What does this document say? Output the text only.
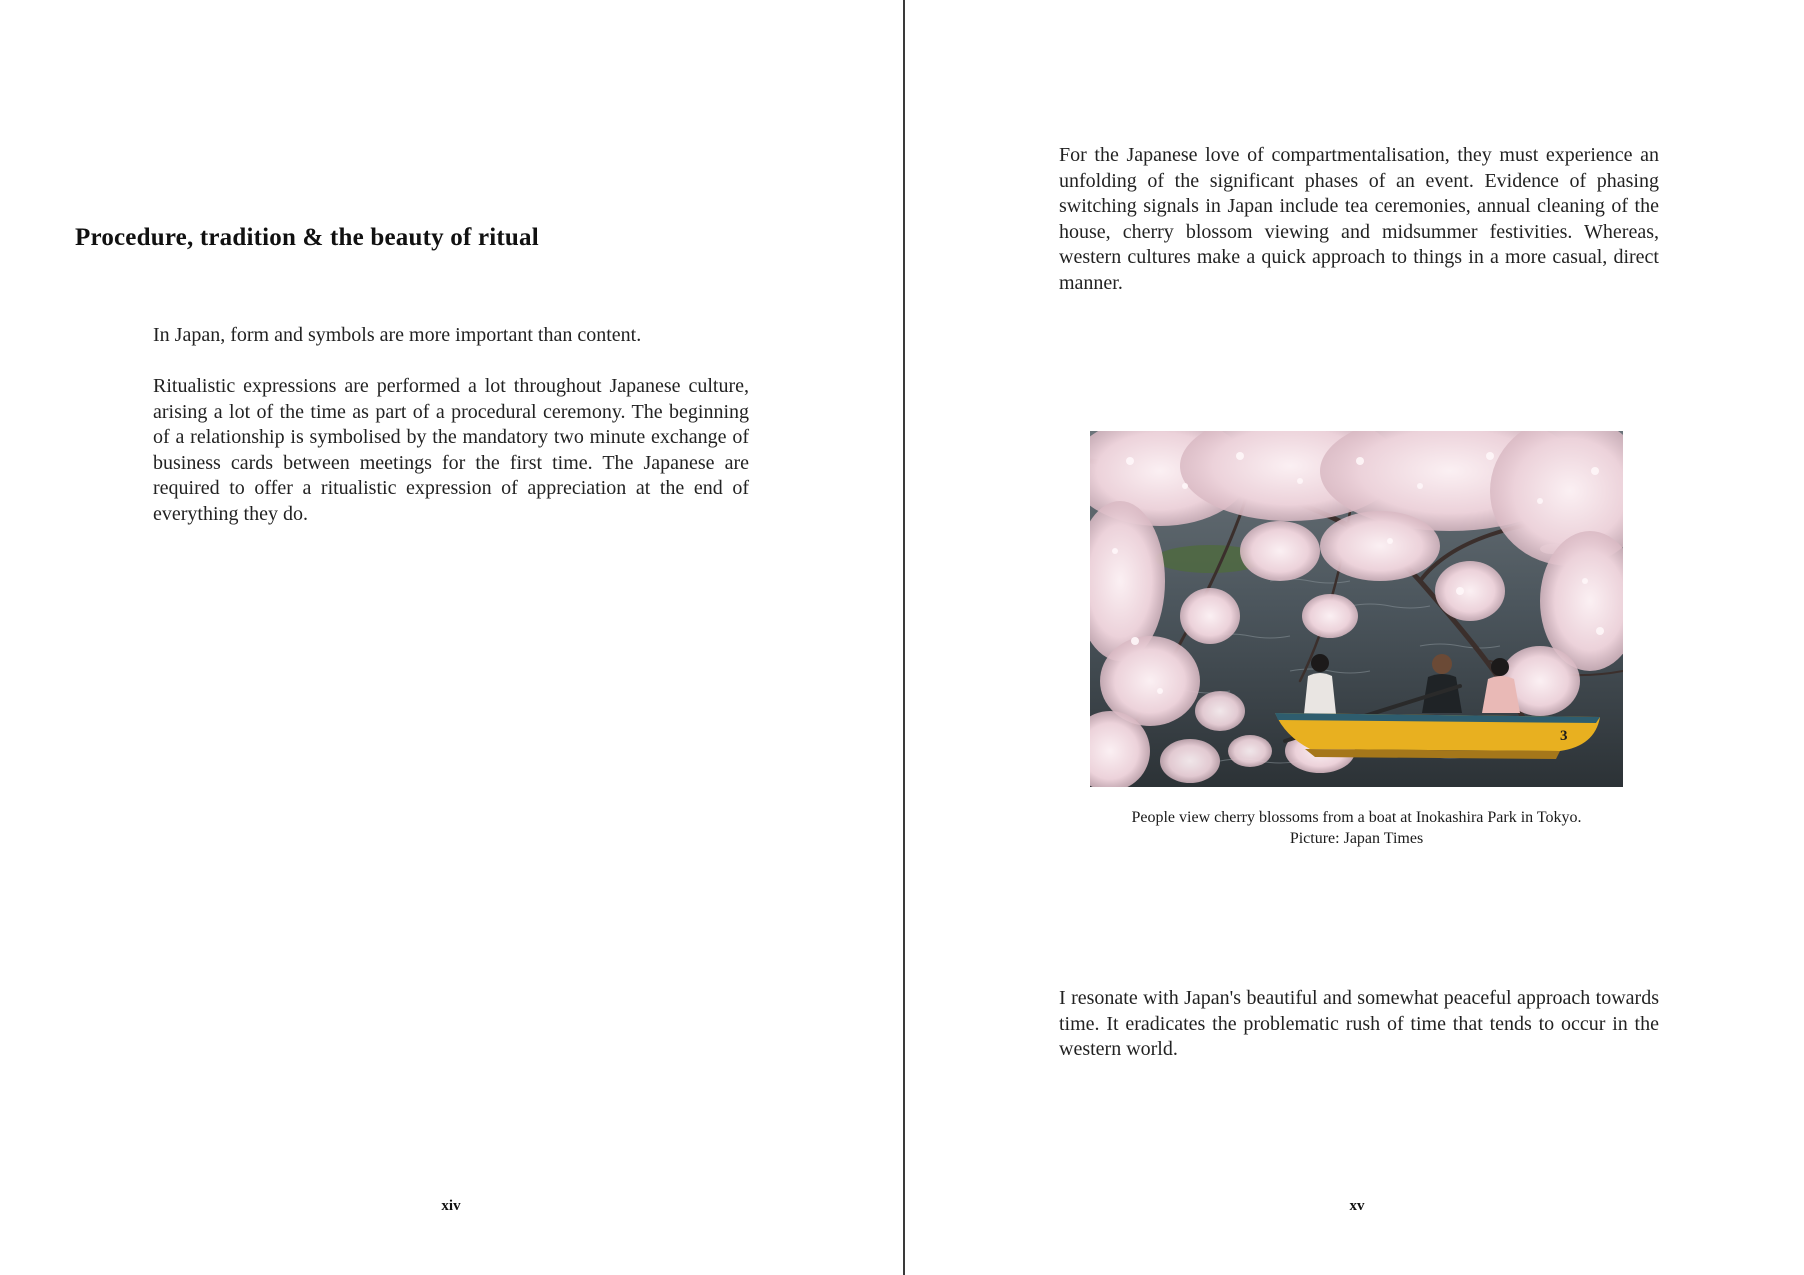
Procedure, tradition & the beauty of ritual

In Japan, form and symbols are more important than content.

Ritualistic expressions are performed a lot throughout Japanese culture, arising a lot of the time as part of a procedural ceremony. The beginning of a relationship is symbolised by the mandatory two minute exchange of business cards between meetings for the first time. The Japanese are required to offer a ritualistic expression of appreciation at the end of everything they do.

xiv

For the Japanese love of compartmentalisation, they must experience an unfolding of the significant phases of an event. Evidence of phasing switching signals in Japan include tea ceremonies, annual cleaning of the house, cherry blossom viewing and midsummer festivities. Whereas, western cultures make a quick approach to things in a more casual, direct manner.

3

People view cherry blossoms from a boat at Inokashira Park in Tokyo.
Picture: Japan Times

I resonate with Japan's beautiful and somewhat peaceful approach towards time. It eradicates the problematic rush of time that tends to occur in the western world.

xv
